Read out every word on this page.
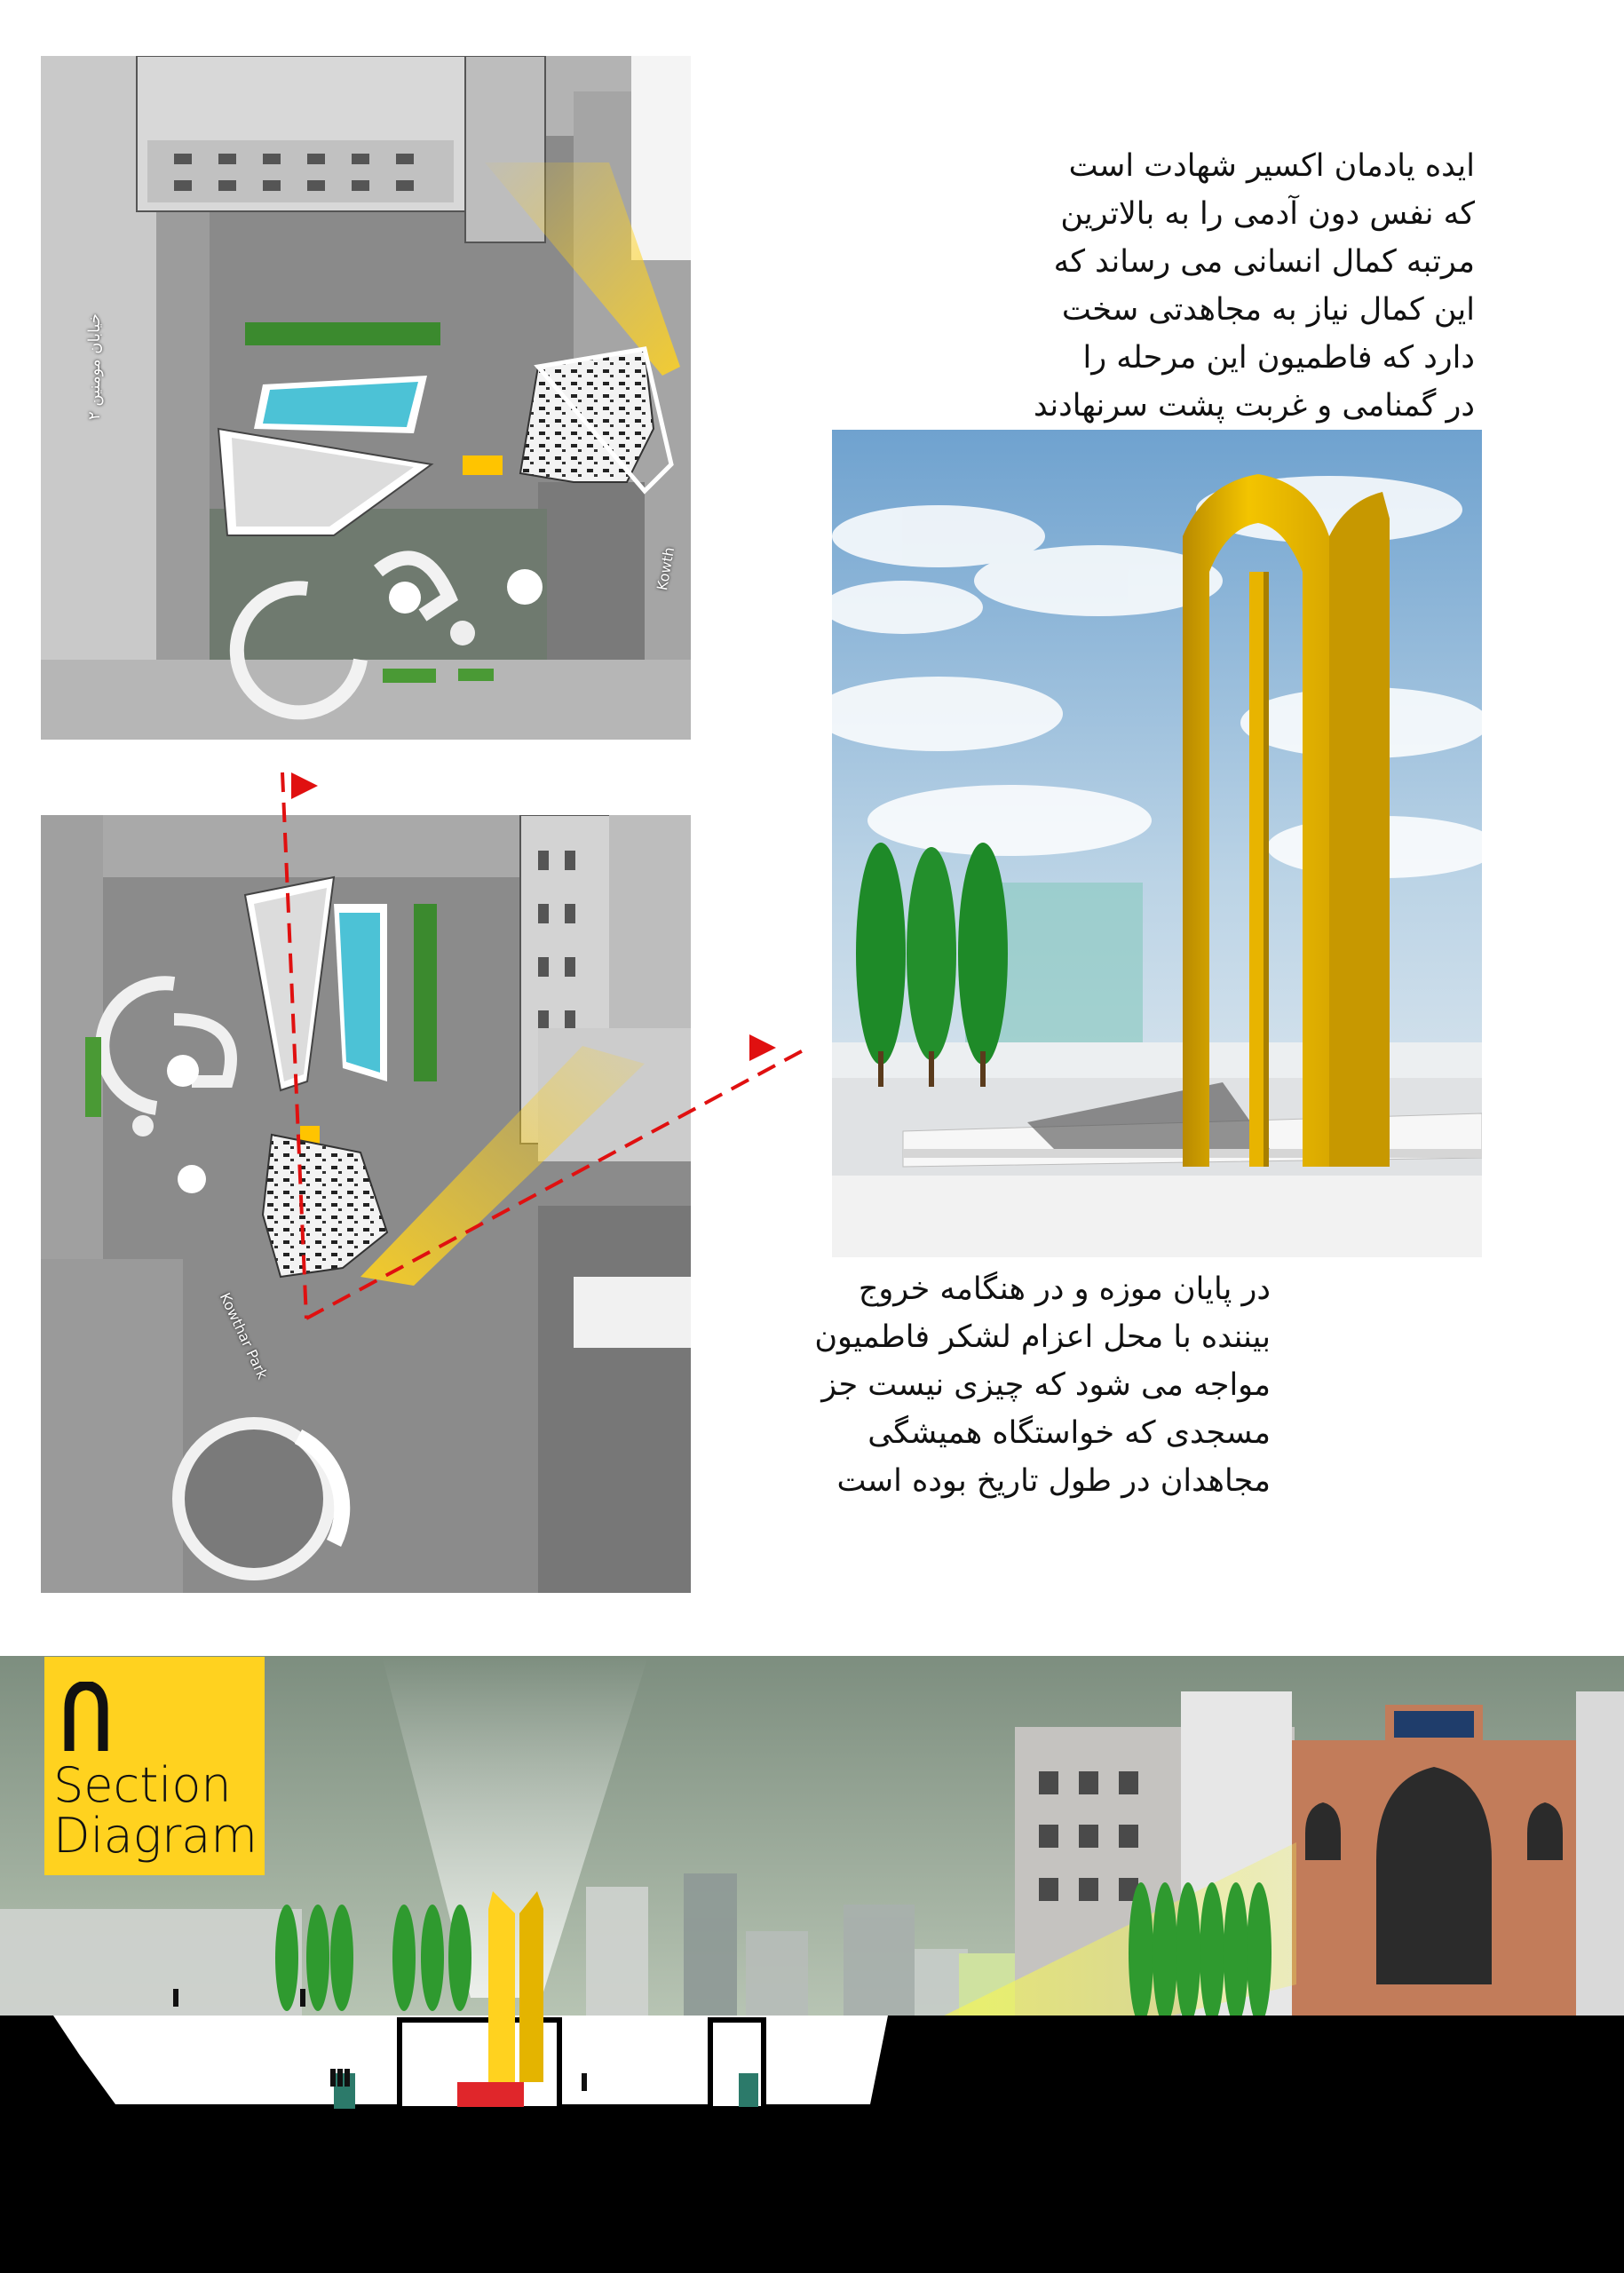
خیابان مومنین ۲
Kowth
Kowthar Park
ایده یادمان اکسیر شهادت است
که نفس دون آدمی را به بالاترین
مرتبه کمال انسانی می رساند که
این کمال نیاز به مجاهدتی سخت
دارد که فاطمیون این مرحله را
در گمنامی و غربت پشت سرنهادند
در پایان موزه و در هنگامه خروج
بیننده با محل اعزام لشکر فاطمیون
مواجه می شود که چیزی نیست جز
مسجدی که خواستگاه همیشگی
مجاهدان در طول تاریخ بوده است
Section
Diagram
